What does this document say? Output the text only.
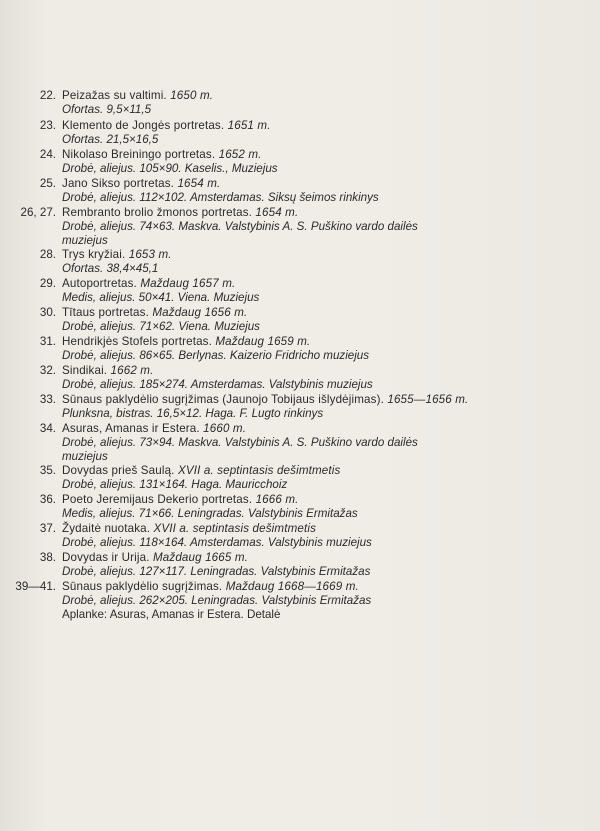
22. Peizažas su valtimi. 1650 m.
Ofortas. 9,5×11,5
23. Klemento de Jongės portretas. 1651 m.
Ofortas. 21,5×16,5
24. Nikolaso Breiningo portretas. 1652 m.
Drobė, aliejus. 105×90. Kaselis., Muziejus
25. Jano Sikso portretas. 1654 m.
Drobė, aliejus. 112×102. Amsterdamas. Siksų šeimos rinkinys
26, 27. Rembranto brolio žmonos portretas. 1654 m.
Drobė, aliejus. 74×63. Maskva. Valstybinis A. S. Puškino vardo dailės
muziejus
28. Trys kryžiai. 1653 m.
Ofortas. 38,4×45,1
29. Autoportretas. Maždaug 1657 m.
Medis, aliejus. 50×41. Viena. Muziejus
30. Tītaus portretas. Maždaug 1656 m.
Drobė, aliejus. 71×62. Viena. Muziejus
31. Hendrikjės Stofels portretas. Maždaug 1659 m.
Drobė, aliejus. 86×65. Berlynas. Kaizerio Fridricho muziejus
32. Sindikai. 1662 m.
Drobė, aliejus. 185×274. Amsterdamas. Valstybinis muziejus
33. Sūnaus paklydėlio sugrįžimas (Jaunojo Tobijaus išlydėjimas). 1655—1656 m.
Plunksna, bistras. 16,5×12. Haga. F. Lugto rinkinys
34. Asuras, Amanas ir Estera. 1660 m.
Drobė, aliejus. 73×94. Maskva. Valstybinis A. S. Puškino vardo dailės
muziejus
35. Dovydas prieš Saulą. XVII a. septintasis dešimtmetis
Drobė, aliejus. 131×164. Haga. Mauricchoiz
36. Poeto Jeremijaus Dekerio portretas. 1666 m.
Medis, aliejus. 71×66. Leningradas. Valstybinis Ermitažas
37. Žydaitė nuotaka. XVII a. septintasis dešimtmetis
Drobė, aliejus. 118×164. Amsterdamas. Valstybinis muziejus
38. Dovydas ir Urija. Maždaug 1665 m.
Drobė, aliejus. 127×117. Leningradas. Valstybinis Ermitažas
39—41. Sūnaus paklydėlio sugrįžimas. Maždaug 1668—1669 m.
Drobė, aliejus. 262×205. Leningradas. Valstybinis Ermitažas
Aplanke: Asuras, Amanas ir Estera. Detalė
